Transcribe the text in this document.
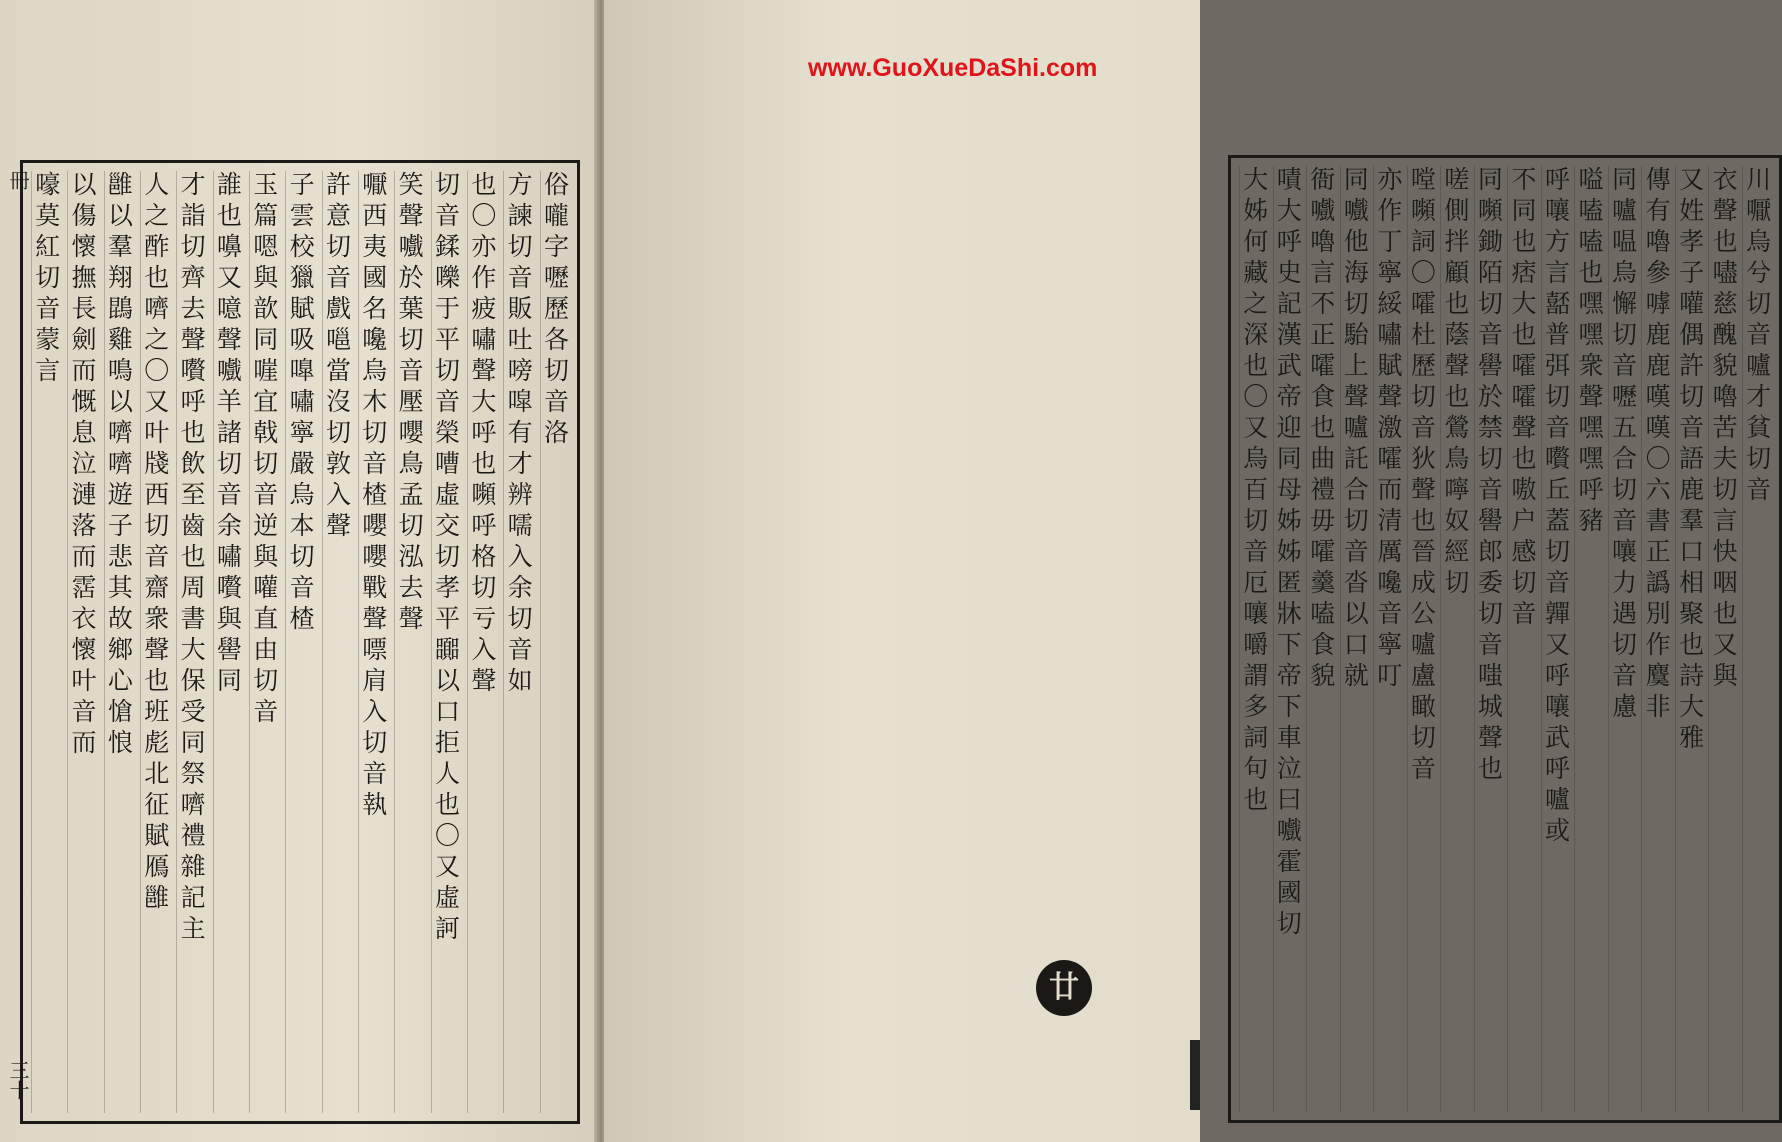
俗嚨字嚦歷各切音洛
方諫切音販吐嗙噑有才辨嚅入余切音如
也〇亦作疲嘯聲大呼也嚬呼格切亏入聲
切音鍒嚛于平切音榮嘈虛交切孝平嚻以口拒人也〇又虛訶
笑聲嚱於葉切音壓嚶鳥孟切泓去聲
嚈西夷國名嚵烏木切音楂嚶嚶戰聲嘌肩入切音執
許意切音戲嗈當沒切敦入聲
子雲校獵賦吸嘷嘯寧嚴烏本切音楂
玉篇嗯與歆同嘊宜戟切音逆與嚾直由切音
誰也嚊又噫聲嚱羊諸切音余嘯嚽與嚳同
才詣切齊去聲嚽呼也飲至齒也周書大保受同祭嚌禮雜記主
人之酢也嚌之〇又叶牋西切音齋衆聲也班彪北征賦鴈雝
雝以羣翔鵾雞鳴以嚌嚌遊子悲其故鄉心愴悢
以傷懷撫長劍而慨息泣漣落而霑衣懷叶音而
嚎莫紅切音蒙言
冊
三十
川嚈烏兮切音嚧才貧切音
衣聲也嚍慈醜貌嚕苦夫切言快咽也又與
又姓孝子嚾偶許切音語鹿羣口相聚也詩大雅
傳有嚕參嘑鹿鹿嘆嘆〇六書正譌別作麌非
同嚧嗢烏懈切音嚦五合切音嚷力遇切音慮
嗌嗑嗑也嘿嘿衆聲嘿嘿呼豬
呼嚷方言嚭普弭切音嚽丘蓋切音嚲又呼嚷武呼嚧或
不同也痞大也嚯嚯聲也嗷户感切音
同嚬鋤陌切音嚳於禁切音嚳郎委切音嗤城聲也
嗟側拌顧也蔭聲也鶯鳥嚀奴經切
嘡嚬詞〇嚯杜歷切音狄聲也晉成公嚧盧瞰切音
亦作丁寧綏嘯賦聲激嚯而清厲嚵音寧叮
同嚱他海切駘上聲嚧託合切音沓以口就
衙嚱嚕言不正嚯食也曲禮毋嚯羹嗑食貌
嘖大呼史記漢武帝迎同母姊姊匿牀下帝下車泣曰嚱霍國切
大姊何藏之深也〇又烏百切音厄嚷嚼謂多詞句也
www.GuoXueDaShi.com
廿
